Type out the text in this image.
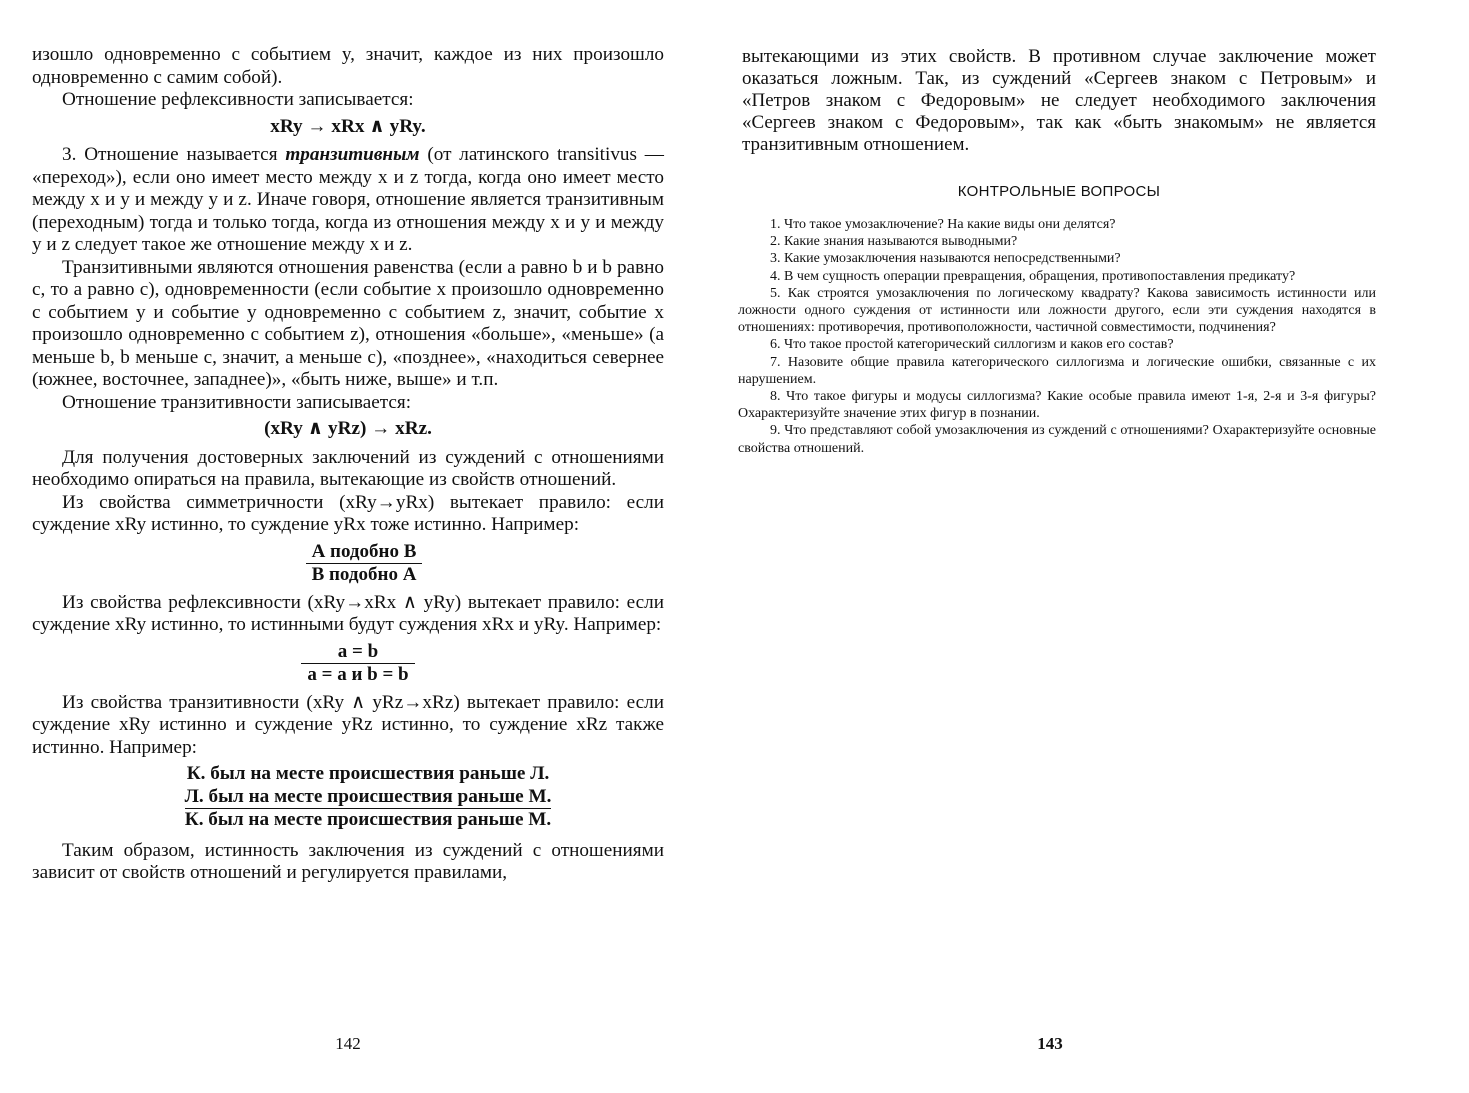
изошло одновременно с событием y, значит, каждое из них произошло одновременно с самим собой).

Отношение рефлексивности записывается:

xRy → xRx ∧ yRy.

3. Отношение называется транзитивным (от латинского transitivus — «переход»), если оно имеет место между x и z тогда, когда оно имеет место между x и y и между y и z. Иначе говоря, отношение является транзитивным (переходным) тогда и только тогда, когда из отношения между x и y и между y и z следует такое же отношение между x и z.

Транзитивными являются отношения равенства (если a равно b и b равно c, то a равно c), одновременности (если событие x произошло одновременно с событием y и событие y одновременно с событием z, значит, событие x произошло одновременно с событием z), отношения «больше», «меньше» (a меньше b, b меньше c, значит, a меньше c), «позднее», «находиться севернее (южнее, восточнее, западнее)», «быть ниже, выше» и т.п.

Отношение транзитивности записывается:

(xRy ∧ yRz) → xRz.

Для получения достоверных заключений из суждений с отношениями необходимо опираться на правила, вытекающие из свойств отношений.

Из свойства симметричности (xRy→yRx) вытекает правило: если суждение xRy истинно, то суждение yRx тоже истинно. Например:

А подобно В
В подобно А

Из свойства рефлексивности (xRy→xRx ∧ yRy) вытекает правило: если суждение xRy истинно, то истинными будут суждения xRx и yRy. Например:

a = b
a = a и b = b

Из свойства транзитивности (xRy ∧ yRz→xRz) вытекает правило: если суждение xRy истинно и суждение yRz истинно, то суждение xRz также истинно. Например:

К. был на месте происшествия раньше Л.
Л. был на месте происшествия раньше М.
К. был на месте происшествия раньше М.

Таким образом, истинность заключения из суждений с отношениями зависит от свойств отношений и регулируется правилами,

142

вытекающими из этих свойств. В противном случае заключение может оказаться ложным. Так, из суждений «Сергеев знаком с Петровым» и «Петров знаком с Федоровым» не следует необходимого заключения «Сергеев знаком с Федоровым», так как «быть знакомым» не является транзитивным отношением.

КОНТРОЛЬНЫЕ ВОПРОСЫ

1. Что такое умозаключение? На какие виды они делятся?

2. Какие знания называются выводными?

3. Какие умозаключения называются непосредственными?

4. В чем сущность операции превращения, обращения, противопоставления предикату?

5. Как строятся умозаключения по логическому квадрату? Какова зависимость истинности или ложности одного суждения от истинности или ложности другого, если эти суждения находятся в отношениях: противоречия, противоположности, частичной совместимости, подчинения?

6. Что такое простой категорический силлогизм и каков его состав?

7. Назовите общие правила категорического силлогизма и логические ошибки, связанные с их нарушением.

8. Что такое фигуры и модусы силлогизма? Какие особые правила имеют 1-я, 2-я и 3-я фигуры? Охарактеризуйте значение этих фигур в познании.

9. Что представляют собой умозаключения из суждений с отношениями? Охарактеризуйте основные свойства отношений.

143
